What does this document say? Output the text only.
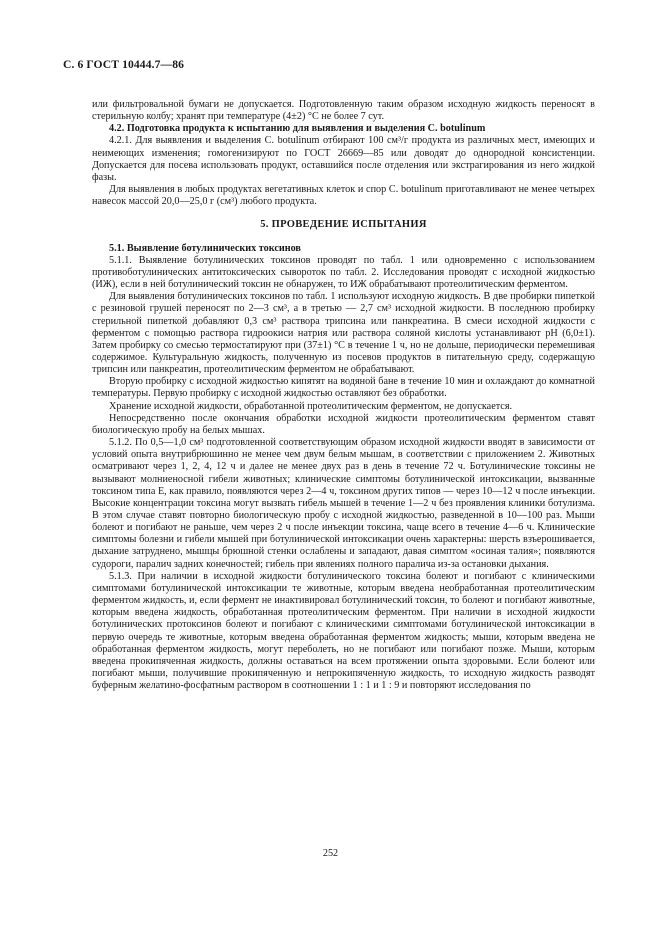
С. 6 ГОСТ 10444.7—86

или фильтровальной бумаги не допускается. Подготовленную таким образом исходную жидкость переносят в стерильную колбу; хранят при температуре (4±2) °С не более 7 сут.

4.2. Подготовка продукта к испытанию для выявления и выделения С. botulinum

4.2.1. Для выявления и выделения С. botulinum отбирают 100 см³/г продукта из различных мест, имеющих и неимеющих изменения; гомогенизируют по ГОСТ 26669—85 или доводят до однородной консистенции. Допускается для посева использовать продукт, оставшийся после отделения или экстрагирования из него жидкой фазы.

Для выявления в любых продуктах вегетативных клеток и спор С. botulinum приготавливают не менее четырех навесок массой 20,0—25,0 г (см³) любого продукта.

5. ПРОВЕДЕНИЕ ИСПЫТАНИЯ

5.1. Выявление ботулинических токсинов

5.1.1. Выявление ботулинических токсинов проводят по табл. 1 или одновременно с использованием противоботулинических антитоксических сывороток по табл. 2. Исследования проводят с исходной жидкостью (ИЖ), если в ней ботулинический токсин не обнаружен, то ИЖ обрабатывают протеолитическим ферментом.

Для выявления ботулинических токсинов по табл. 1 используют исходную жидкость. В две пробирки пипеткой с резиновой грушей переносят по 2—3 см³, а в третью — 2,7 см³ исходной жидкости. В последнюю пробирку стерильной пипеткой добавляют 0,3 см³ раствора трипсина или панкреатина. В смеси исходной жидкости с ферментом с помощью раствора гидроокиси натрия или раствора соляной кислоты устанавливают рН (6,0±1). Затем пробирку со смесью термостатируют при (37±1) °С в течение 1 ч, но не дольше, периодически перемешивая содержимое. Культуральную жидкость, полученную из посевов продуктов в питательную среду, содержащую трипсин или панкреатин, протеолитическим ферментом не обрабатывают.

Вторую пробирку с исходной жидкостью кипятят на водяной бане в течение 10 мин и охлаждают до комнатной температуры. Первую пробирку с исходной жидкостью оставляют без обработки.

Хранение исходной жидкости, обработанной протеолитическим ферментом, не допускается.

Непосредственно после окончания обработки исходной жидкости протеолитическим ферментом ставят биологическую пробу на белых мышах.

5.1.2. По 0,5—1,0 см³ подготовленной соответствующим образом исходной жидкости вводят в зависимости от условий опыта внутрибрюшинно не менее чем двум белым мышам, в соответствии с приложением 2. Животных осматривают через 1, 2, 4, 12 ч и далее не менее двух раз в день в течение 72 ч. Ботулинические токсины не вызывают молниеносной гибели животных; клинические симптомы ботулинической интоксикации, вызванные токсином типа Е, как правило, появляются через 2—4 ч, токсином других типов — через 10—12 ч после инъекции. Высокие концентрации токсина могут вызвать гибель мышей в течение 1—2 ч без проявления клиники ботулизма. В этом случае ставят повторно биологическую пробу с исходной жидкостью, разведенной в 10—100 раз. Мыши болеют и погибают не раньше, чем через 2 ч после инъекции токсина, чаще всего в течение 4—6 ч. Клинические симптомы болезни и гибели мышей при ботулинической интоксикации очень характерны: шерсть взъерошивается, дыхание затруднено, мышцы брюшной стенки ослаблены и западают, давая симптом «осиная талия»; появляются судороги, паралич задних конечностей; гибель при явлениях полного паралича из-за остановки дыхания.

5.1.3. При наличии в исходной жидкости ботулинического токсина болеют и погибают с клиническими симптомами ботулинической интоксикации те животные, которым введена необработанная протеолитическим ферментом жидкость, и, если фермент не инактивировал ботулинический токсин, то болеют и погибают животные, которым введена жидкость, обработанная протеолитическим ферментом. При наличии в исходной жидкости ботулинических протоксинов болеют и погибают с клиническими симптомами ботулинической интоксикации в первую очередь те животные, которым введена обработанная ферментом жидкость; мыши, которым введена не обработанная ферментом жидкость, могут переболеть, но не погибают или погибают позже. Мыши, которым введена прокипяченная жидкость, должны оставаться на всем протяжении опыта здоровыми. Если болеют или погибают мыши, получившие прокипяченную и непрокипяченную жидкость, то исходную жидкость разводят буферным желатино-фосфатным раствором в соотношении 1 : 1 и 1 : 9 и повторяют исследования по

252
